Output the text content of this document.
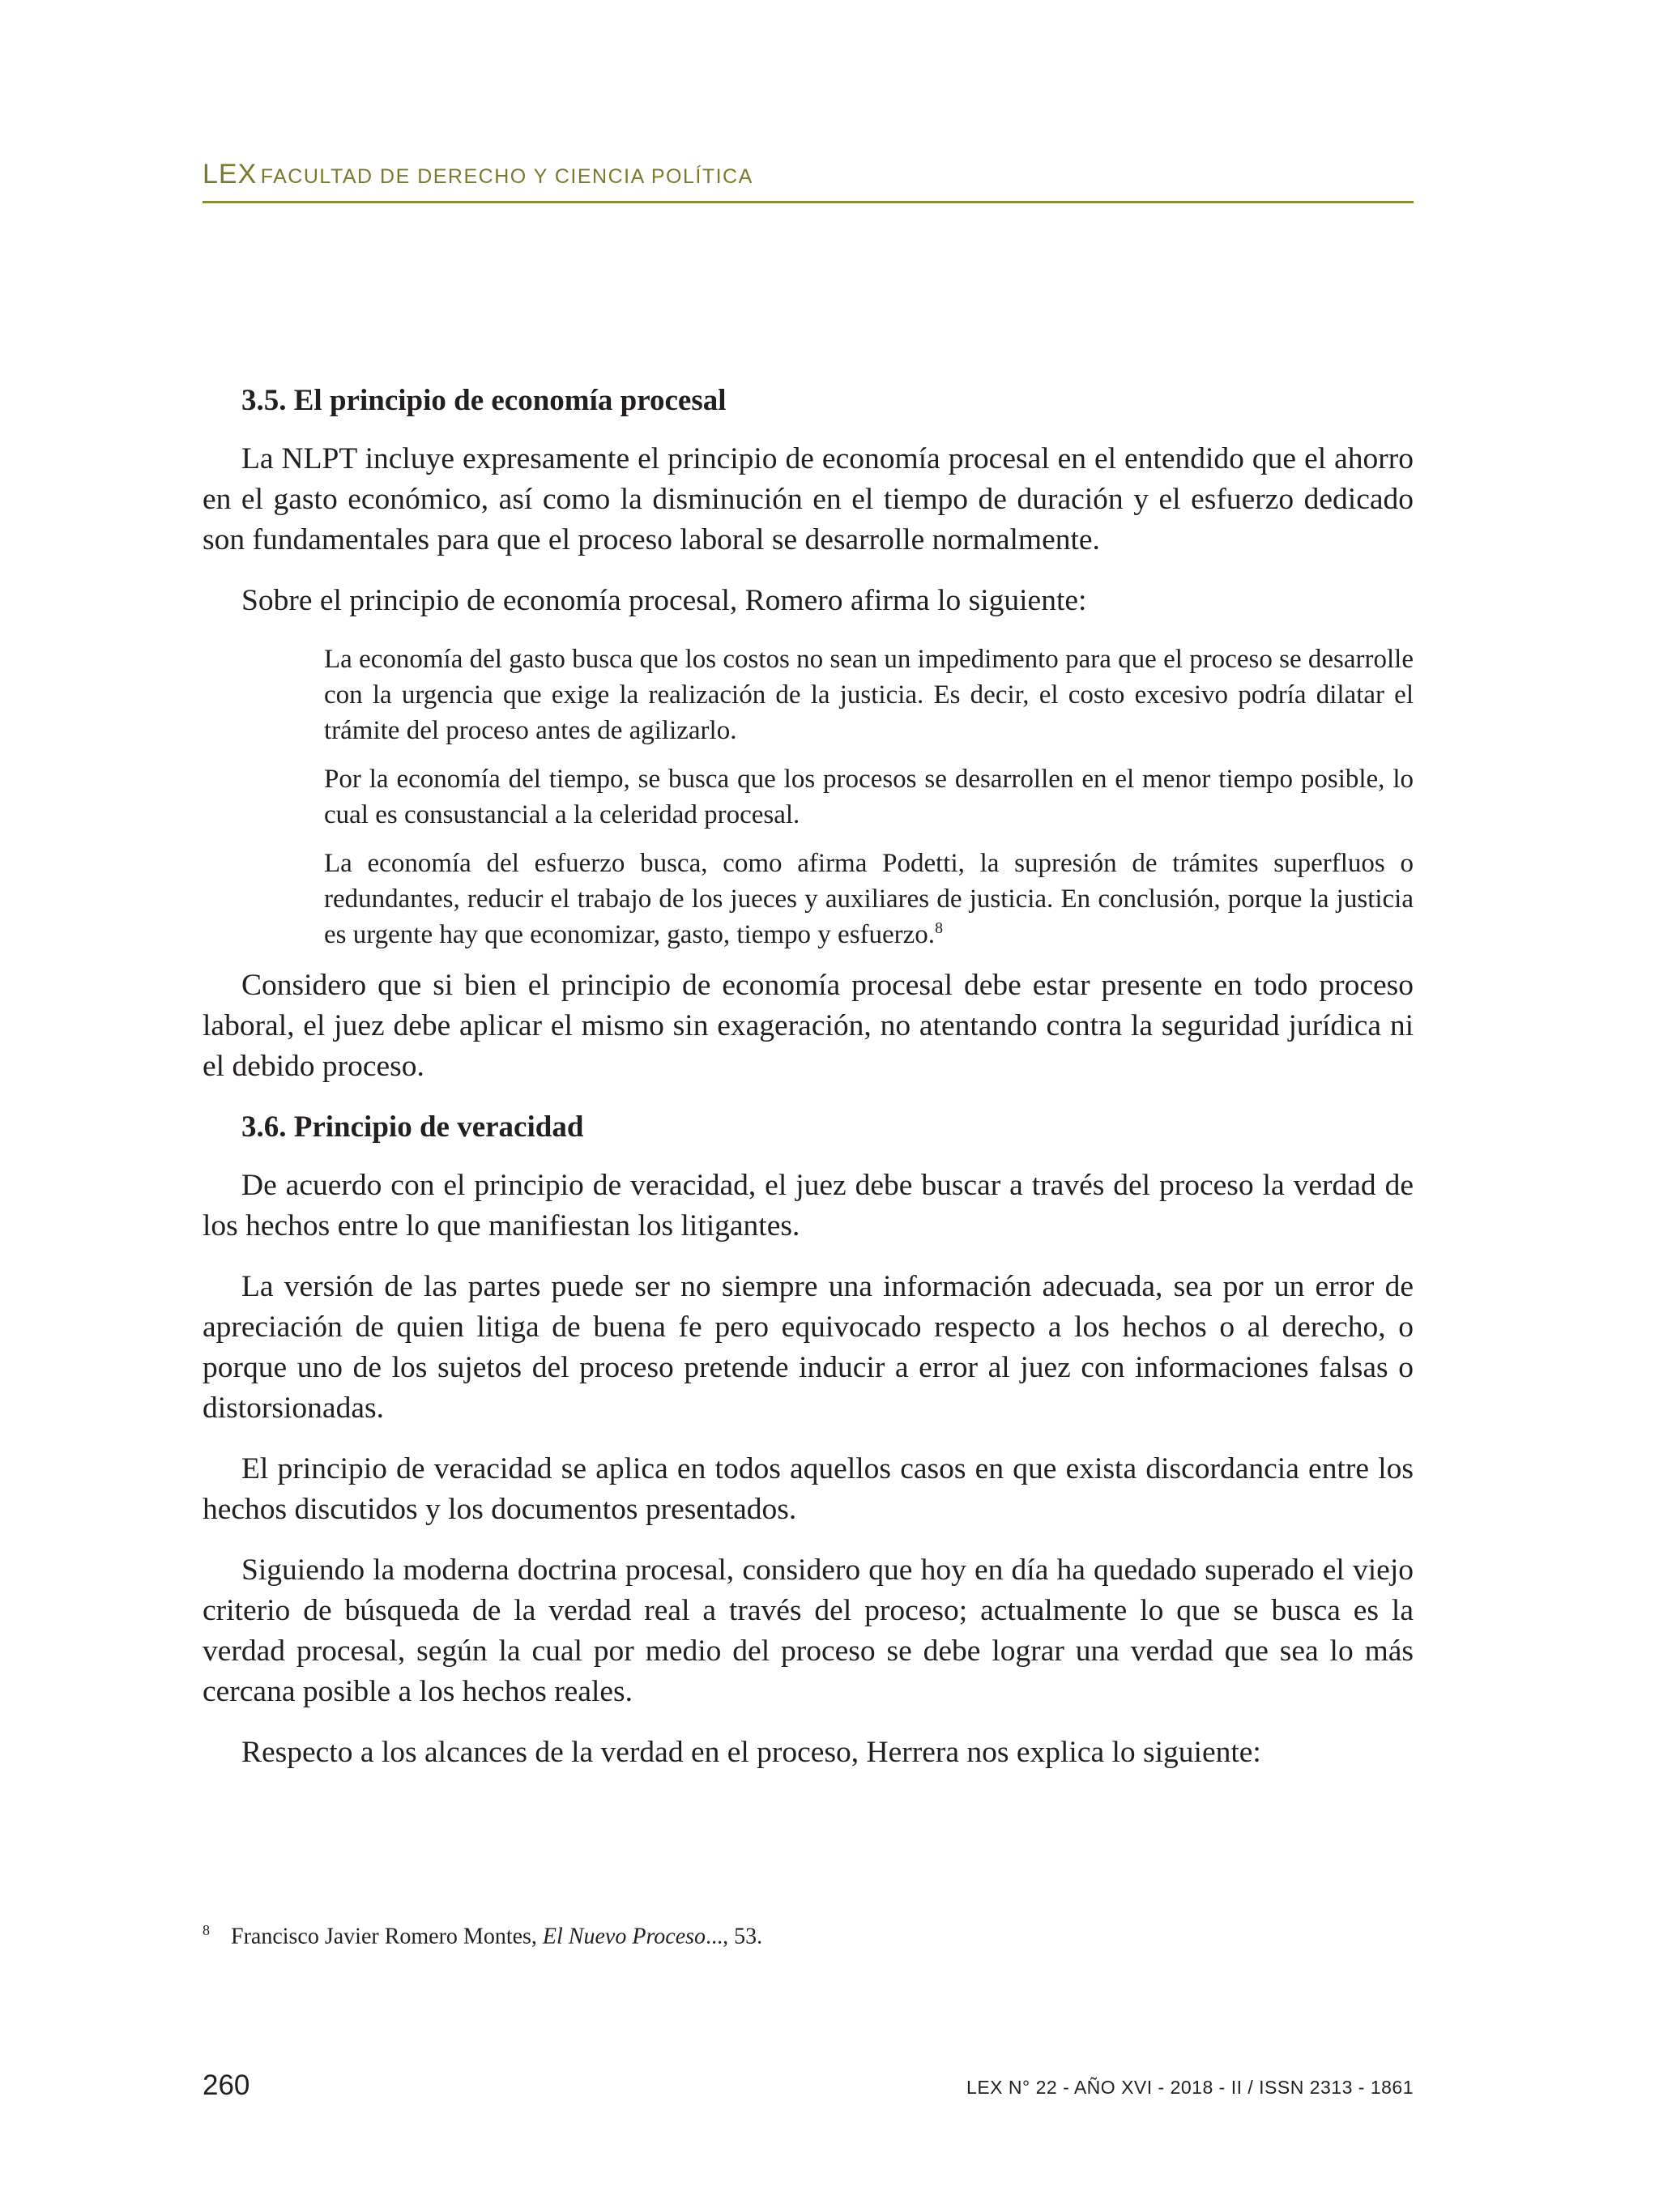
LEX FACULTAD DE DERECHO Y CIENCIA POLÍTICA
3.5. El principio de economía procesal

La NLPT incluye expresamente el principio de economía procesal en el entendido que el ahorro en el gasto económico, así como la disminución en el tiempo de duración y el esfuerzo dedicado son fundamentales para que el proceso laboral se desarrolle normalmente.

Sobre el principio de economía procesal, Romero afirma lo siguiente:

La economía del gasto busca que los costos no sean un impedimento para que el proceso se desarrolle con la urgencia que exige la realización de la justicia. Es decir, el costo excesivo podría dilatar el trámite del proceso antes de agilizarlo.

Por la economía del tiempo, se busca que los procesos se desarrollen en el menor tiempo posible, lo cual es consustancial a la celeridad procesal.

La economía del esfuerzo busca, como afirma Podetti, la supresión de trámites superfluos o redundantes, reducir el trabajo de los jueces y auxiliares de justicia. En conclusión, porque la justicia es urgente hay que economizar, gasto, tiempo y esfuerzo.$^8$

Considero que si bien el principio de economía procesal debe estar presente en todo proceso laboral, el juez debe aplicar el mismo sin exageración, no atentando contra la seguridad jurídica ni el debido proceso.

3.6. Principio de veracidad

De acuerdo con el principio de veracidad, el juez debe buscar a través del proceso la verdad de los hechos entre lo que manifiestan los litigantes.

La versión de las partes puede ser no siempre una información adecuada, sea por un error de apreciación de quien litiga de buena fe pero equivocado respecto a los hechos o al derecho, o porque uno de los sujetos del proceso pretende inducir a error al juez con informaciones falsas o distorsionadas.

El principio de veracidad se aplica en todos aquellos casos en que exista discordancia entre los hechos discutidos y los documentos presentados.

Siguiendo la moderna doctrina procesal, considero que hoy en día ha quedado superado el viejo criterio de búsqueda de la verdad real a través del proceso; actualmente lo que se busca es la verdad procesal, según la cual por medio del proceso se debe lograr una verdad que sea lo más cercana posible a los hechos reales.

Respecto a los alcances de la verdad en el proceso, Herrera nos explica lo siguiente:

$^8$ Francisco Javier Romero Montes, El Nuevo Proceso..., 53.
260	LEX N° 22 - AÑO XVI - 2018 - II / ISSN 2313 - 1861
